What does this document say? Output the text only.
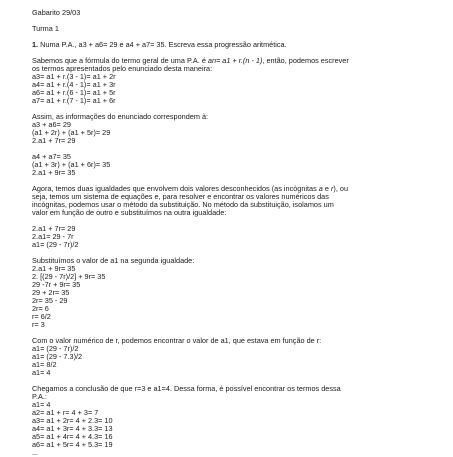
Gabarito 29/03
Turma 1
1. Numa P.A., a3 + a6= 29 e a4 + a7= 35. Escreva essa progressão aritmética.
Sabemos que a fórmula do termo geral de uma P.A. é an= a1 + r.(n - 1), então, podemos escrever
os termos apresentados pelo enunciado desta maneira:
a3= a1 + r.(3 - 1)= a1 + 2r
a4= a1 + r.(4 - 1)= a1 + 3r
a6= a1 + r.(6 - 1)= a1 + 5r
a7= a1 + r.(7 - 1)= a1 + 6r
Assim, as informações do enunciado correspondem à:
a3 + a6= 29
(a1 + 2r) + (a1 + 5r)= 29
2.a1 + 7r= 29
a4 + a7= 35
(a1 + 3r) + (a1 + 6r)= 35
2.a1 + 9r= 35
Agora, temos duas igualdades que envolvem dois valores desconhecidos (as incógnitas a e r), ou
seja, temos um sistema de equações e, para resolver e encontrar os valores numéricos das
incógnitas, podemos usar o método da substituição. No método da substituição, isolamos um
valor em função de outro e substituímos na outra igualdade:
2.a1 + 7r= 29
2.a1= 29 - 7r
a1= (29 - 7r)/2
Substituímos o valor de a1 na segunda igualdade:
2.a1 + 9r= 35
2. [(29 - 7r)/2] + 9r= 35
29 -7r + 9r= 35
29 + 2r= 35
2r= 35 - 29
2r= 6
r= 6/2
r= 3
Com o valor numérico de r, podemos encontrar o valor de a1, que estava em função de r:
a1= (29 - 7r)/2
a1= (29 - 7.3)/2
a1= 8/2
a1= 4
Chegamos a conclusão de que r=3 e a1=4. Dessa forma, é possível encontrar os termos dessa
P.A.:
a1= 4
a2= a1 + r= 4 + 3= 7
a3= a1 + 2r= 4 + 2.3= 10
a4= a1 + 3r= 4 + 3.3= 13
a5= a1 + 4r= 4 + 4.3= 16
a6= a1 + 5r= 4 + 5.3= 19
...
